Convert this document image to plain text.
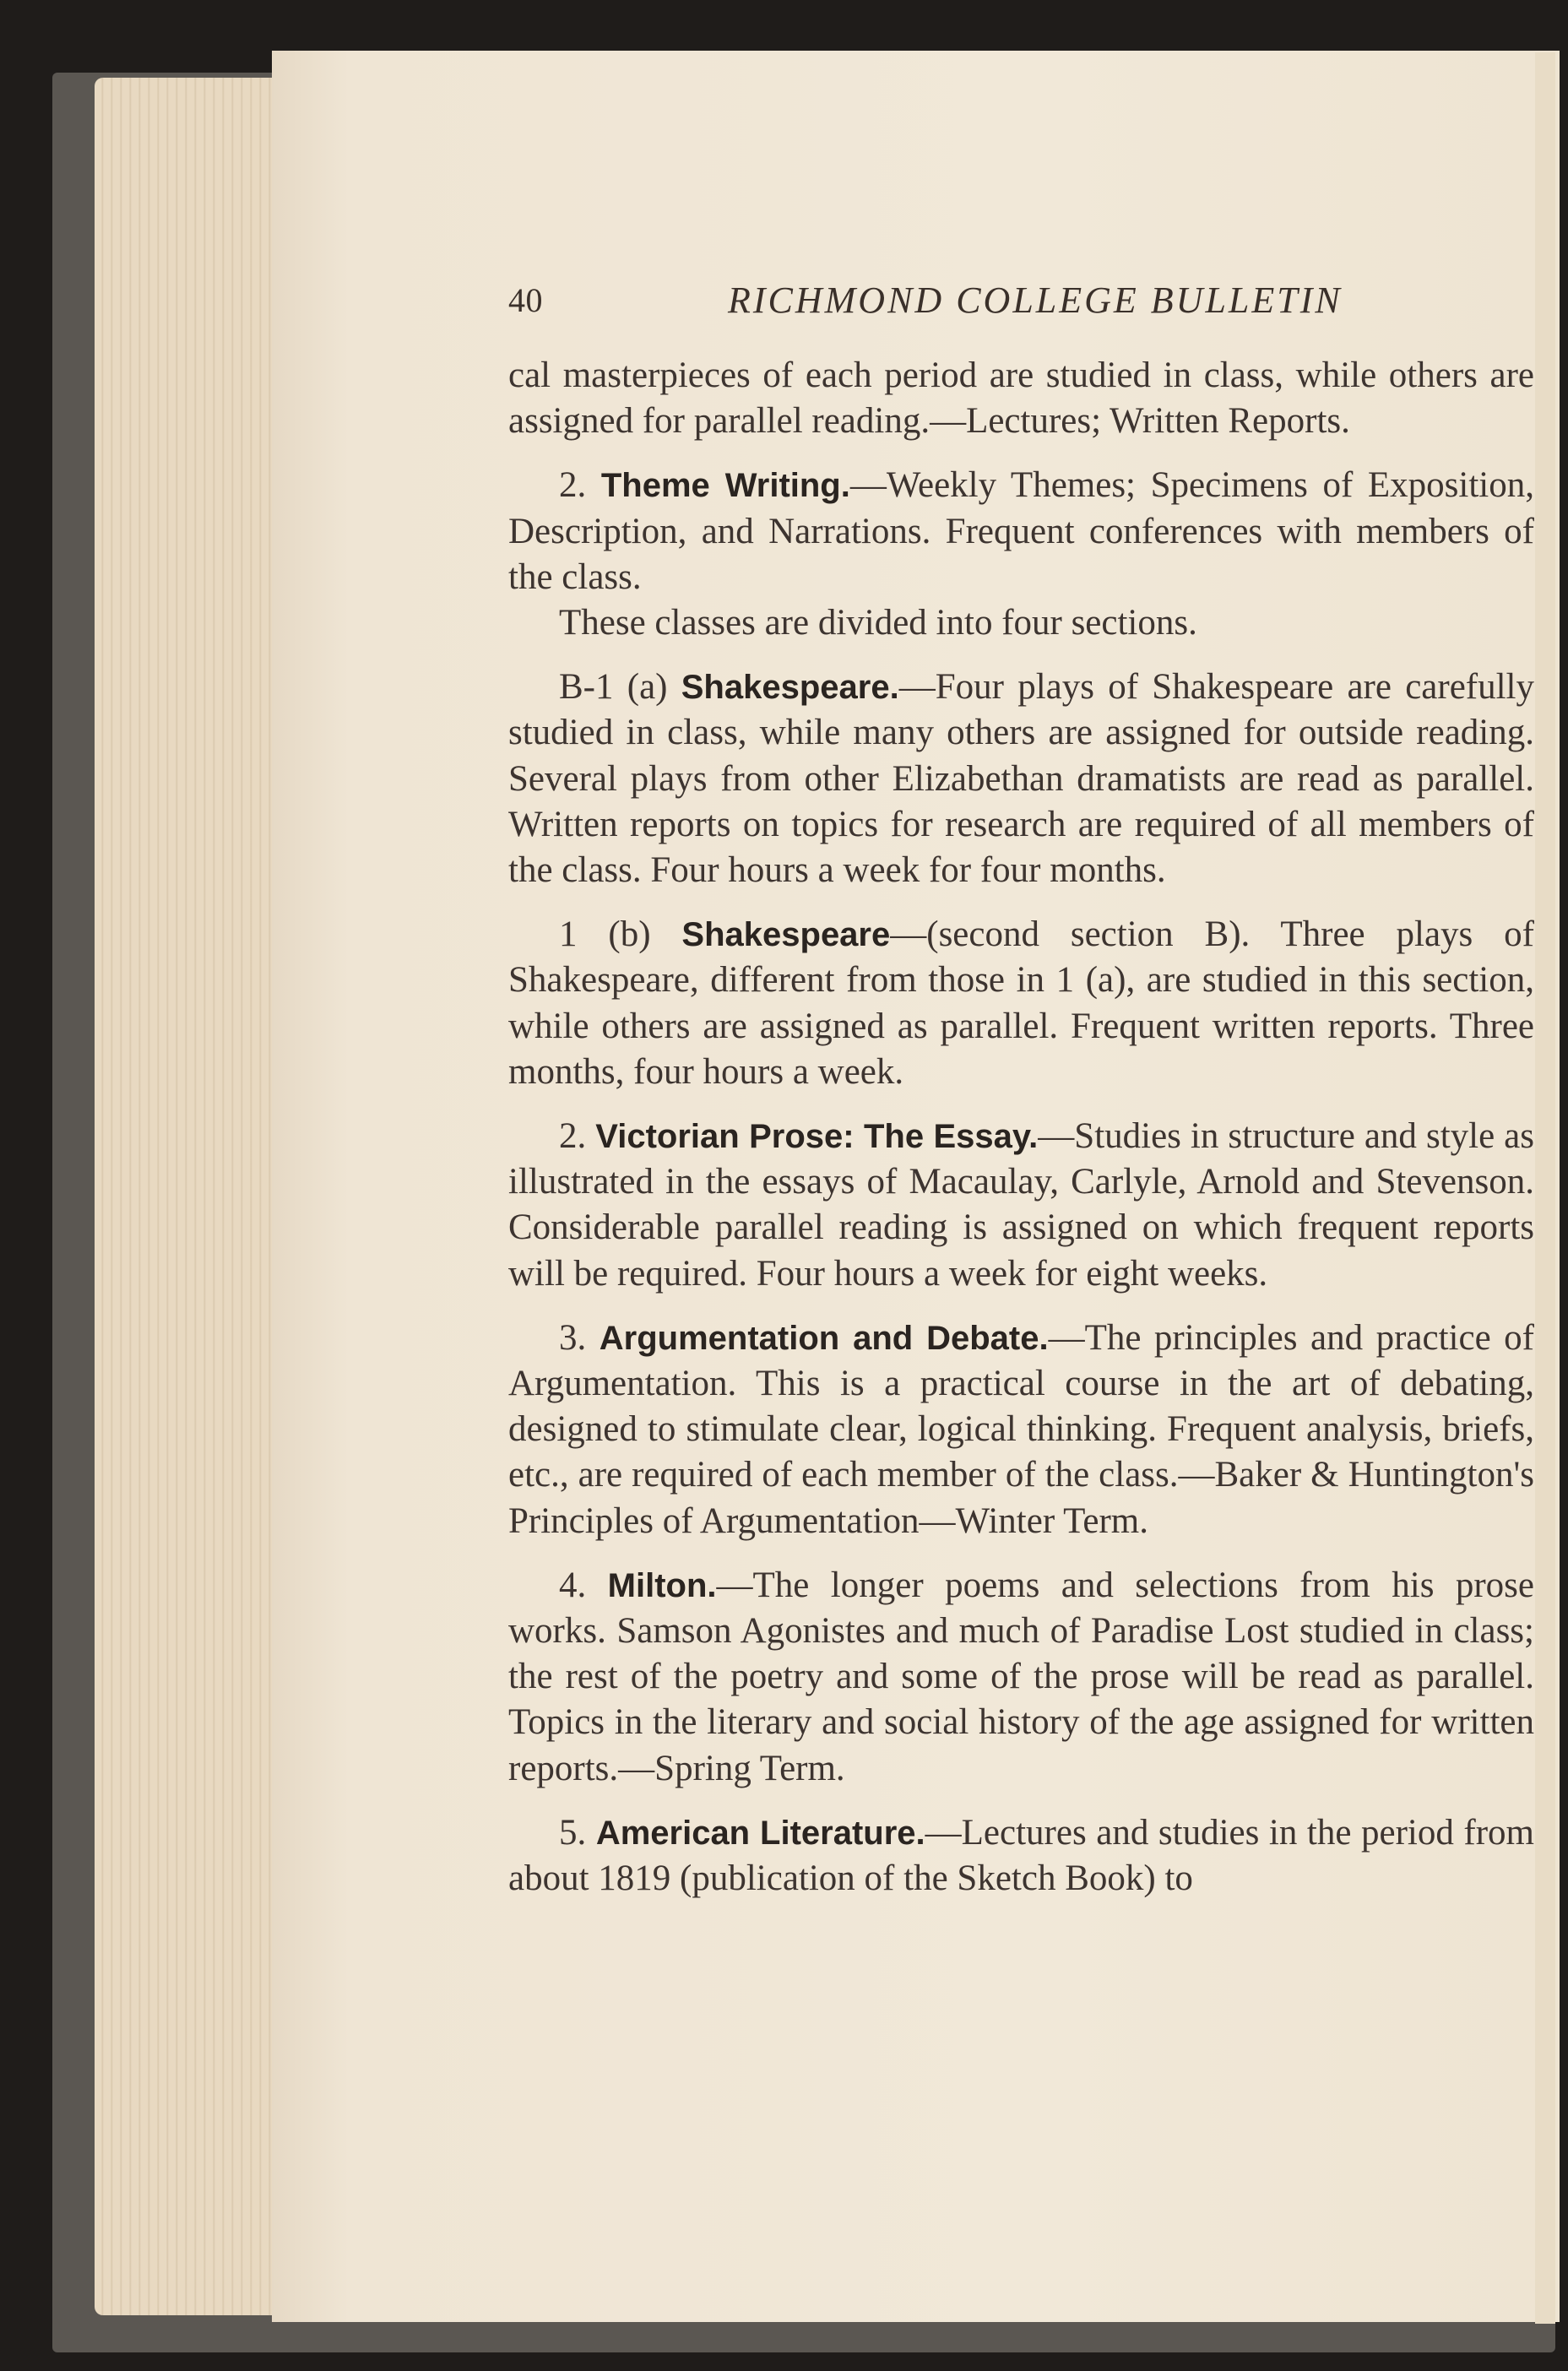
40	RICHMOND COLLEGE BULLETIN

cal masterpieces of each period are studied in class, while others are assigned for parallel reading.—Lectures; Written Reports.

2. Theme Writing.—Weekly Themes; Specimens of Exposition, Description, and Narrations. Frequent conferences with members of the class.

These classes are divided into four sections.

B-1 (a) Shakespeare.—Four plays of Shakespeare are carefully studied in class, while many others are assigned for outside reading. Several plays from other Elizabethan dramatists are read as parallel. Written reports on topics for research are required of all members of the class. Four hours a week for four months.

1 (b) Shakespeare—(second section B). Three plays of Shakespeare, different from those in 1 (a), are studied in this section, while others are assigned as parallel. Frequent written reports. Three months, four hours a week.

2. Victorian Prose: The Essay.—Studies in structure and style as illustrated in the essays of Macaulay, Carlyle, Arnold and Stevenson. Considerable parallel reading is assigned on which frequent reports will be required. Four hours a week for eight weeks.

3. Argumentation and Debate.—The principles and practice of Argumentation. This is a practical course in the art of debating, designed to stimulate clear, logical thinking. Frequent analysis, briefs, etc., are required of each member of the class.—Baker & Huntington's Principles of Argumentation—Winter Term.

4. Milton.—The longer poems and selections from his prose works. Samson Agonistes and much of Paradise Lost studied in class; the rest of the poetry and some of the prose will be read as parallel. Topics in the literary and social history of the age assigned for written reports.—Spring Term.

5. American Literature.—Lectures and studies in the period from about 1819 (publication of the Sketch Book) to
